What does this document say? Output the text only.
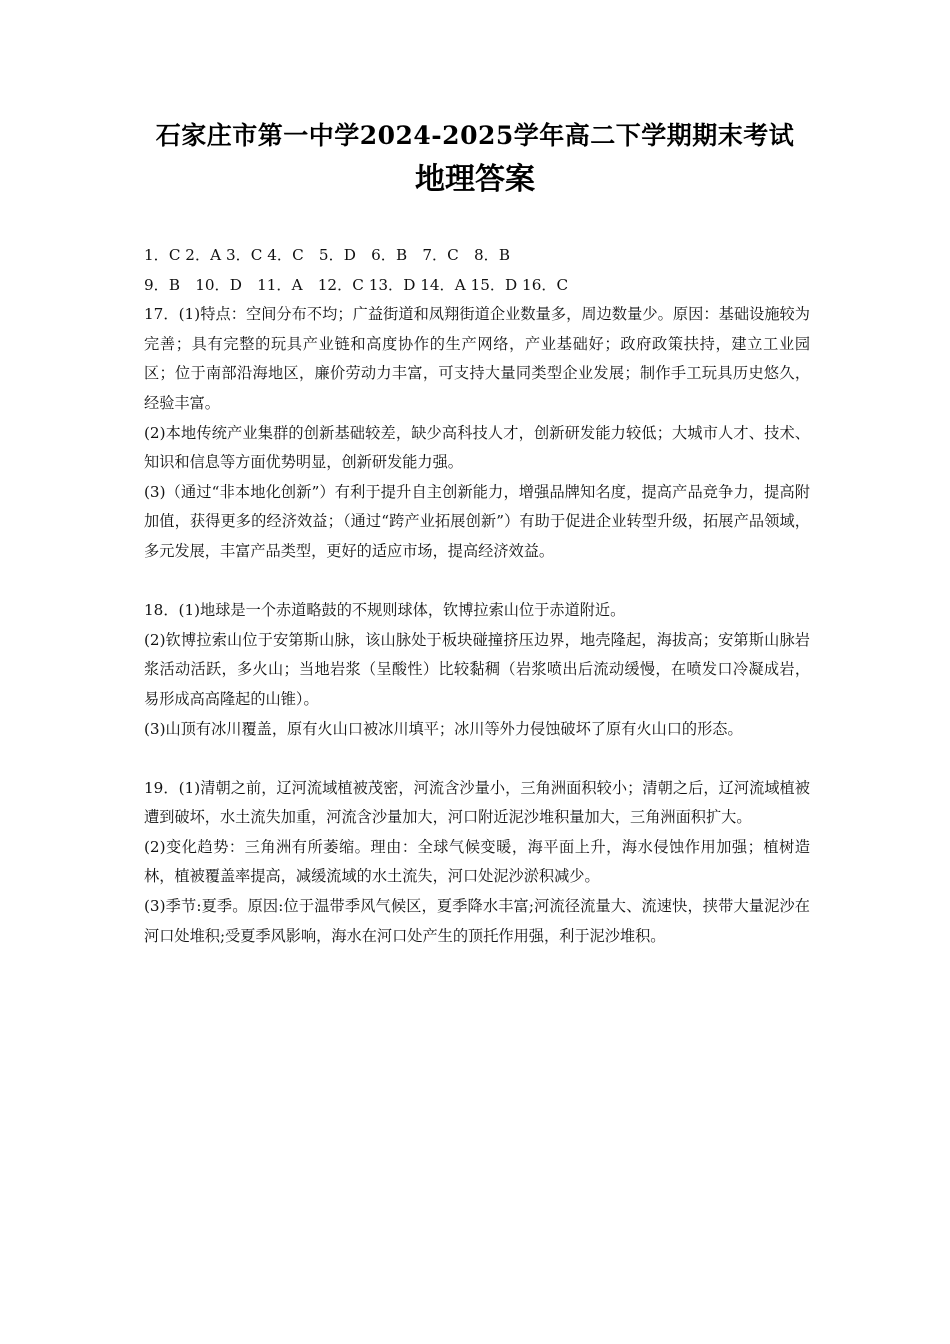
石家庄市第一中学2024-2025学年高二下学期期末考试
地理答案
1．C 2．A 3．C 4．C　5．D　6．B　7．C　8．B
9．B　10．D　11．A　12．C 13．D 14．A 15．D 16．C
17．(1)特点：空间分布不均；广益街道和凤翔街道企业数量多，周边数量少。原因：基础设施较为完善；具有完整的玩具产业链和高度协作的生产网络，产业基础好；政府政策扶持，建立工业园区；位于南部沿海地区，廉价劳动力丰富，可支持大量同类型企业发展；制作手工玩具历史悠久，经验丰富。
(2)本地传统产业集群的创新基础较差，缺少高科技人才，创新研发能力较低；大城市人才、技术、知识和信息等方面优势明显，创新研发能力强。
(3)（通过“非本地化创新”）有利于提升自主创新能力，增强品牌知名度，提高产品竞争力，提高附加值，获得更多的经济效益；（通过“跨产业拓展创新”）有助于促进企业转型升级，拓展产品领域，多元发展，丰富产品类型，更好的适应市场，提高经济效益。
18．(1)地球是一个赤道略鼓的不规则球体，钦博拉索山位于赤道附近。
(2)钦博拉索山位于安第斯山脉，该山脉处于板块碰撞挤压边界，地壳隆起，海拔高；安第斯山脉岩浆活动活跃，多火山；当地岩浆（呈酸性）比较黏稠（岩浆喷出后流动缓慢，在喷发口冷凝成岩，易形成高高隆起的山锥）。
(3)山顶有冰川覆盖，原有火山口被冰川填平；冰川等外力侵蚀破坏了原有火山口的形态。
19．(1)清朝之前，辽河流域植被茂密，河流含沙量小，三角洲面积较小；清朝之后，辽河流域植被遭到破坏，水土流失加重，河流含沙量加大，河口附近泥沙堆积量加大，三角洲面积扩大。
(2)变化趋势：三角洲有所萎缩。理由：全球气候变暖，海平面上升，海水侵蚀作用加强；植树造林，植被覆盖率提高，减缓流域的水土流失，河口处泥沙淤积减少。
(3)季节:夏季。原因:位于温带季风气候区，夏季降水丰富;河流径流量大、流速快，挟带大量泥沙在河口处堆积;受夏季风影响，海水在河口处产生的顶托作用强，利于泥沙堆积。
